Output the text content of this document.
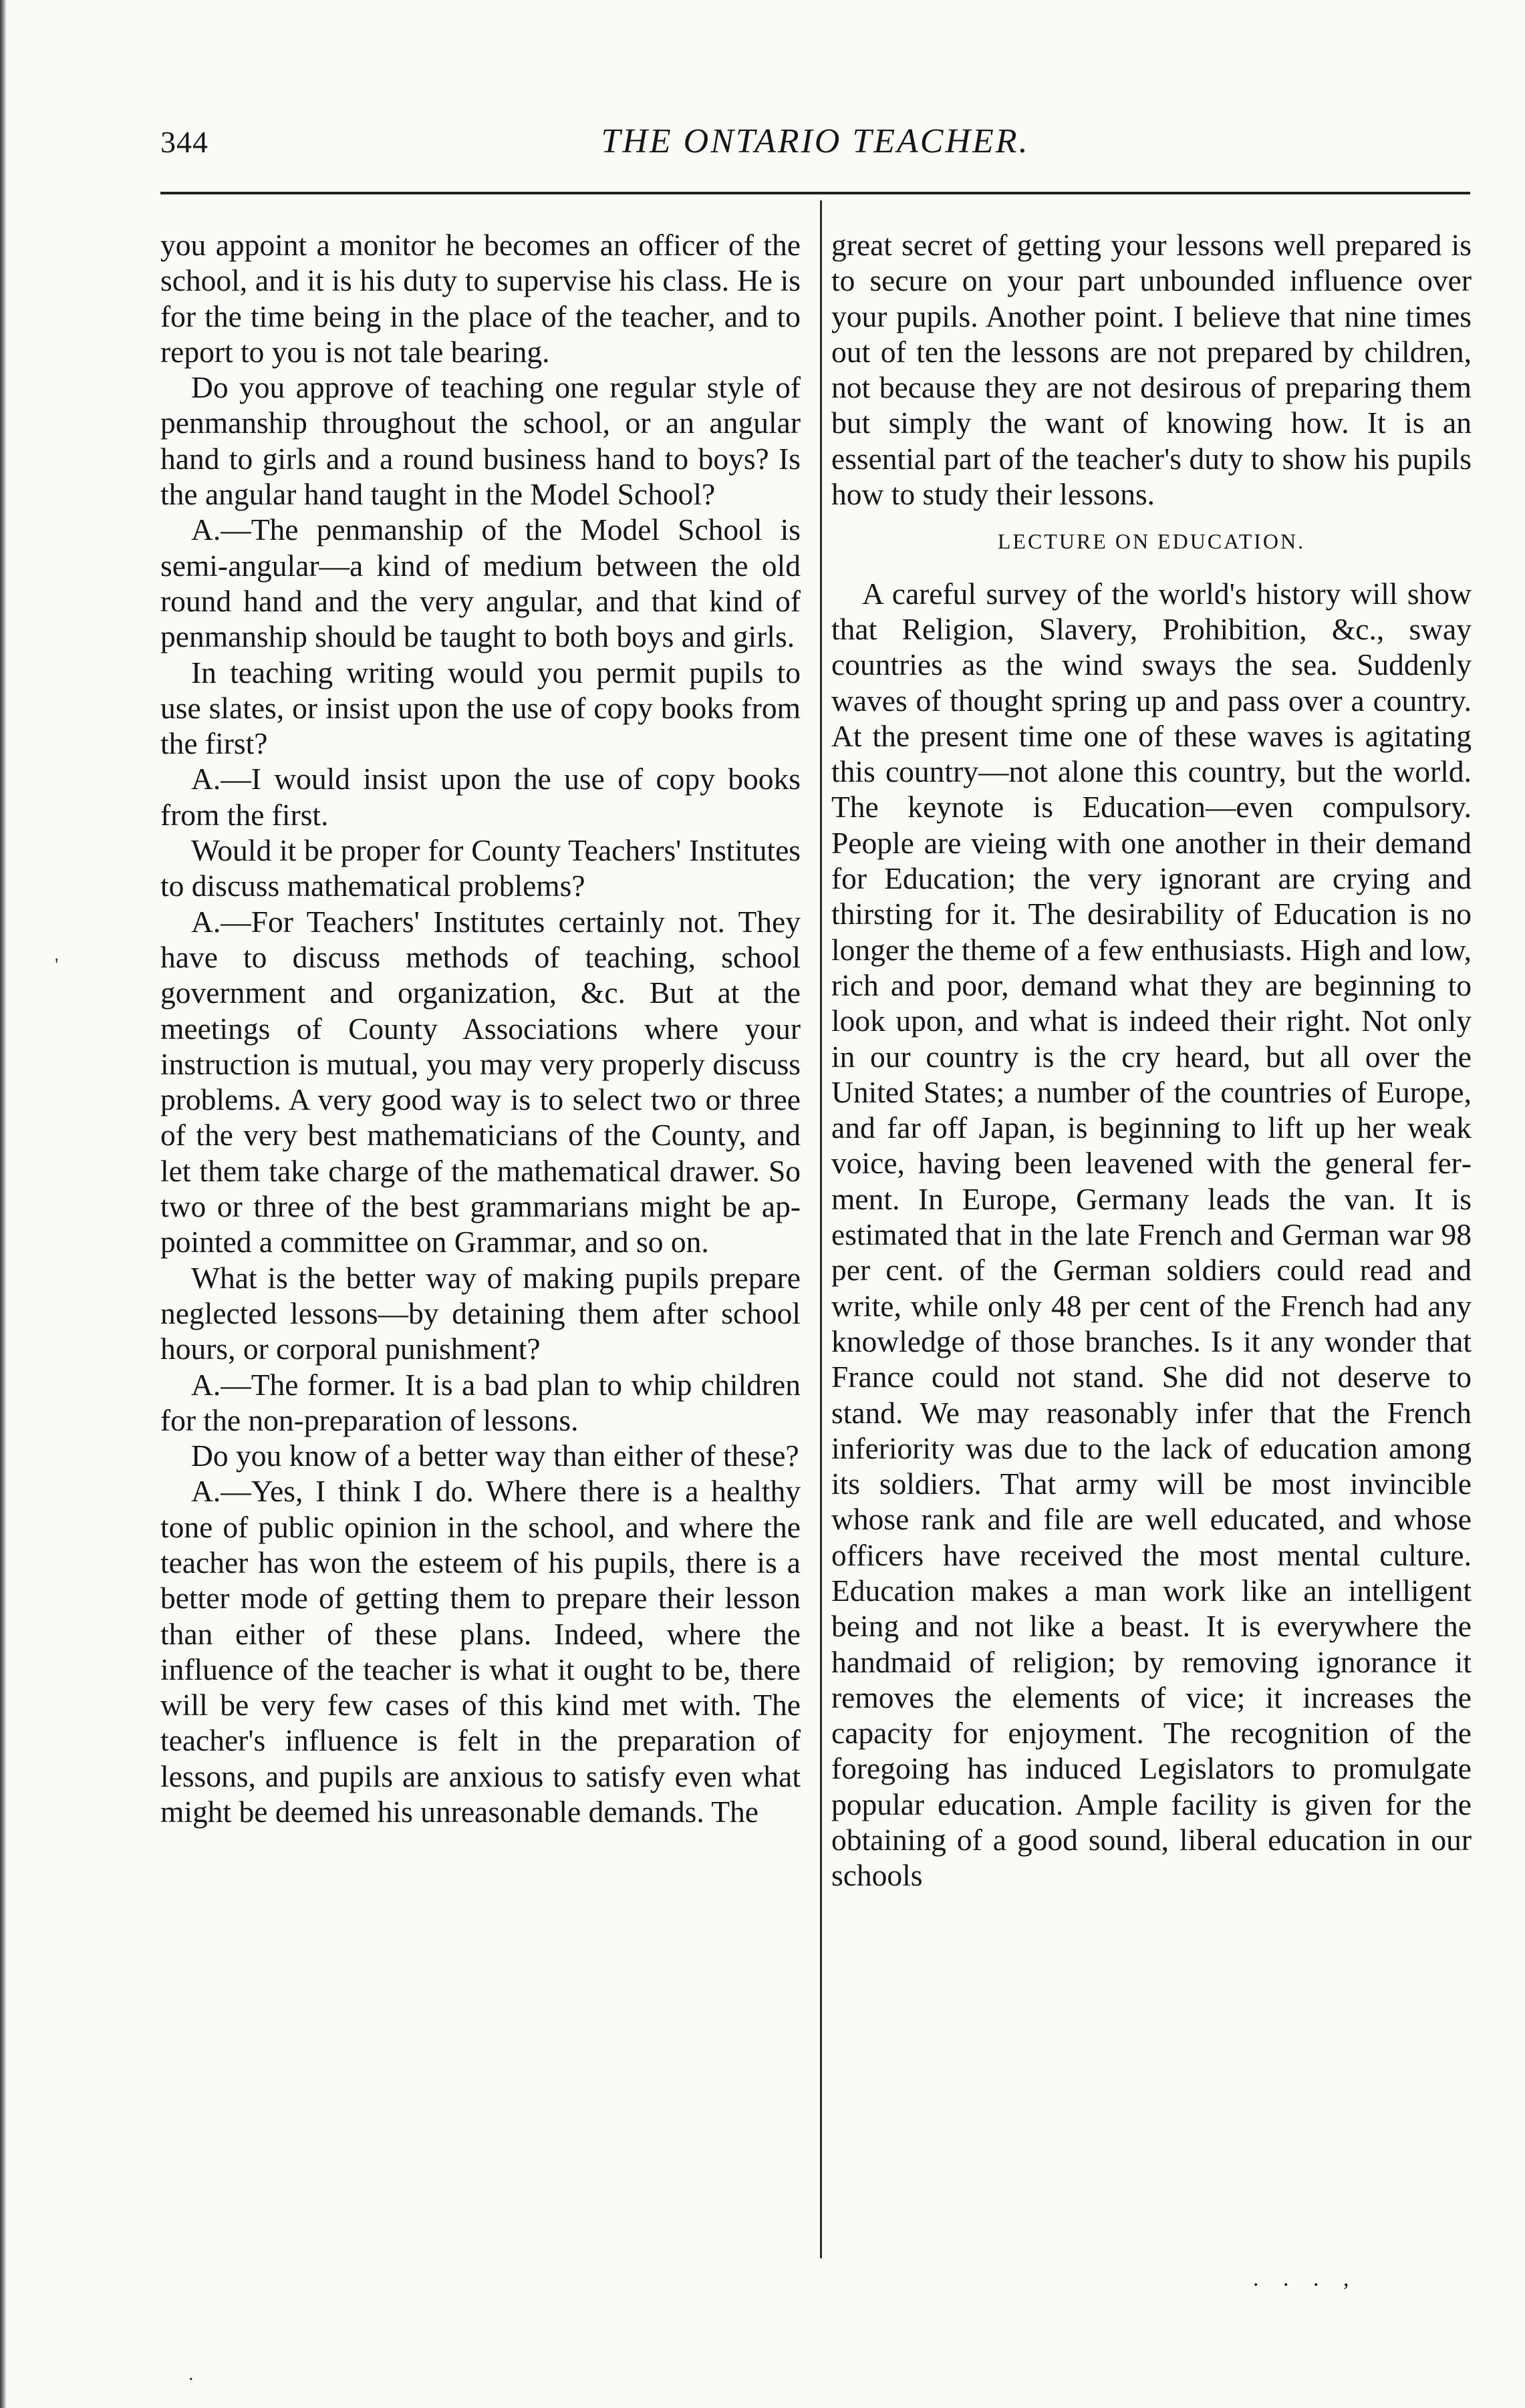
344	THE ONTARIO TEACHER.

you appoint a monitor he becomes an officer of the school, and it is his duty to supervise his class. He is for the time being in the place of the teacher, and to report to you is not tale bearing.

Do you approve of teaching one regular style of penmanship throughout the school, or an angular hand to girls and a round business hand to boys? Is the angular hand taught in the Model School?

A.—The penmanship of the Model School is semi-angular—a kind of medium between the old round hand and the very angular, and that kind of penmanship should be taught to both boys and girls.

In teaching writing would you permit pupils to use slates, or insist upon the use of copy books from the first?

A.—I would insist upon the use of copy books from the first.

Would it be proper for County Teachers' Institutes to discuss mathematical problems?

A.—For Teachers' Institutes certainly not. They have to discuss methods of teaching, school government and organization, &c. But at the meetings of County Associations where your instruction is mutual, you may very properly discuss problems. A very good way is to select two or three of the very best mathematicians of the County, and let them take charge of the mathematical drawer. So two or three of the best grammarians might be appointed a committee on Grammar, and so on.

What is the better way of making pupils prepare neglected lessons—by detaining them after school hours, or corporal punishment?

A.—The former. It is a bad plan to whip children for the non-preparation of lessons.

Do you know of a better way than either of these?

A.—Yes, I think I do. Where there is a healthy tone of public opinion in the school, and where the teacher has won the esteem of his pupils, there is a better mode of getting them to prepare their lesson than either of these plans. Indeed, where the influence of the teacher is what it ought to be, there will be very few cases of this kind met with. The teacher's influence is felt in the preparation of lessons, and pupils are anxious to satisfy even what might be deemed his unreasonable demands. The

great secret of getting your lessons well prepared is to secure on your part unbounded influence over your pupils. Another point. I believe that nine times out of ten the lessons are not prepared by children, not because they are not desirous of preparing them but simply the want of knowing how. It is an essential part of the teacher's duty to show his pupils how to study their lessons.

LECTURE ON EDUCATION.

A careful survey of the world's history will show that Religion, Slavery, Prohibition, &c., sway countries as the wind sways the sea. Suddenly waves of thought spring up and pass over a country. At the present time one of these waves is agitating this country—not alone this country, but the world. The keynote is Education—even compulsory. People are vieing with one another in their demand for Education; the very ignorant are crying and thirsting for it. The desirability of Education is no longer the theme of a few enthusiasts. High and low, rich and poor, demand what they are beginning to look upon, and what is indeed their right. Not only in our country is the cry heard, but all over the United States; a number of the countries of Europe, and far off Japan, is beginning to lift up her weak voice, having been leavened with the general ferment. In Europe, Germany leads the van. It is estimated that in the late French and German war 98 per cent. of the German soldiers could read and write, while only 48 per cent of the French had any knowledge of those branches. Is it any wonder that France could not stand. She did not deserve to stand. We may reasonably infer that the French inferiority was due to the lack of education among its soldiers. That army will be most invincible whose rank and file are well educated, and whose officers have received the most mental culture. Education makes a man work like an intelligent being and not like a beast. It is everywhere the handmaid of religion; by removing ignorance it removes the elements of vice; it increases the capacity for enjoyment. The recognition of the foregoing has induced Legislators to promulgate popular education. Ample facility is given for the obtaining of a good sound, liberal education in our schools

. . . ,
'
.
